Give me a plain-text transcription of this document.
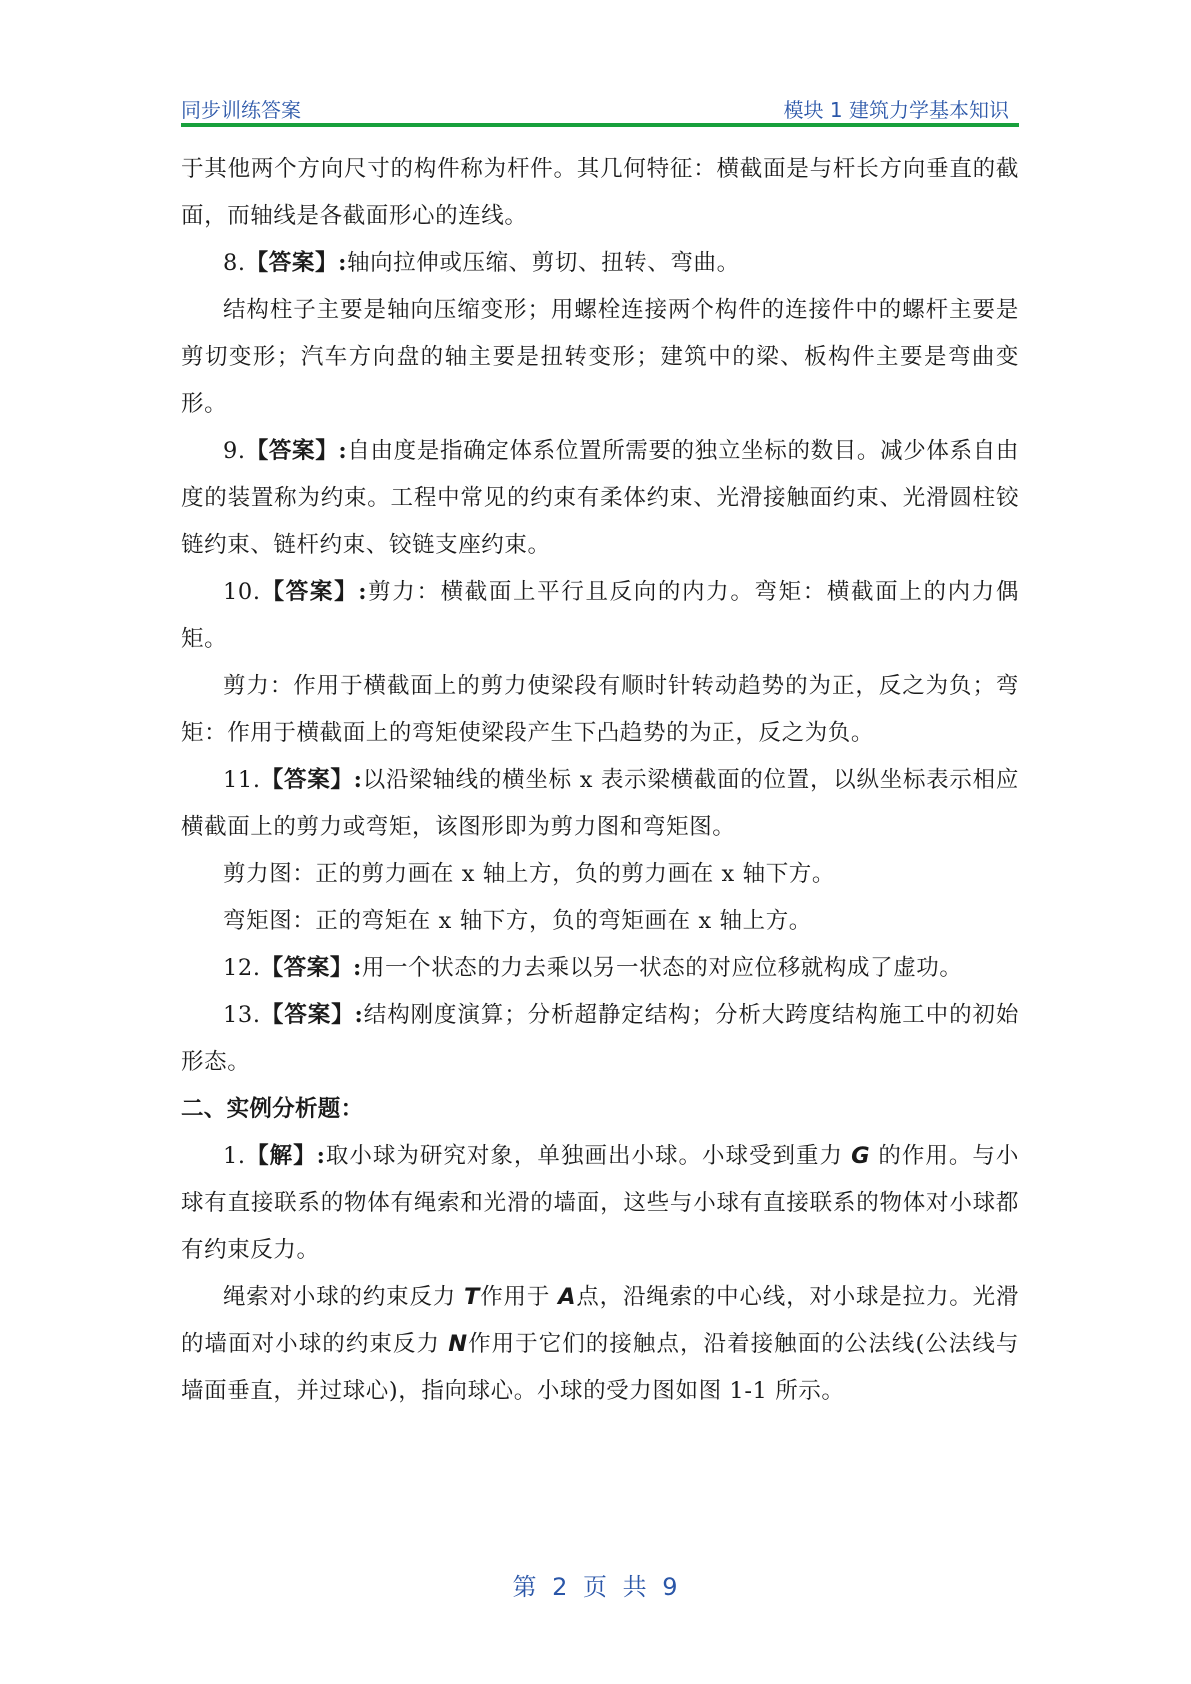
同步训练答案	模块 1 建筑力学基本知识

于其他两个方向尺寸的构件称为杆件。其几何特征：横截面是与杆长方向垂直的截面，而轴线是各截面形心的连线。

8.【答案】:轴向拉伸或压缩、剪切、扭转、弯曲。

结构柱子主要是轴向压缩变形；用螺栓连接两个构件的连接件中的螺杆主要是剪切变形；汽车方向盘的轴主要是扭转变形；建筑中的梁、板构件主要是弯曲变形。

9.【答案】:自由度是指确定体系位置所需要的独立坐标的数目。减少体系自由度的装置称为约束。工程中常见的约束有柔体约束、光滑接触面约束、光滑圆柱铰链约束、链杆约束、铰链支座约束。

10.【答案】:剪力：横截面上平行且反向的内力。弯矩：横截面上的内力偶矩。

剪力：作用于横截面上的剪力使梁段有顺时针转动趋势的为正，反之为负；弯矩：作用于横截面上的弯矩使梁段产生下凸趋势的为正，反之为负。

11.【答案】:以沿梁轴线的横坐标 x 表示梁横截面的位置，以纵坐标表示相应横截面上的剪力或弯矩，该图形即为剪力图和弯矩图。

剪力图：正的剪力画在 x 轴上方，负的剪力画在 x 轴下方。

弯矩图：正的弯矩在 x 轴下方，负的弯矩画在 x 轴上方。

12.【答案】:用一个状态的力去乘以另一状态的对应位移就构成了虚功。

13.【答案】:结构刚度演算；分析超静定结构；分析大跨度结构施工中的初始形态。

二、实例分析题：

1.【解】:取小球为研究对象，单独画出小球。小球受到重力 G 的作用。与小球有直接联系的物体有绳索和光滑的墙面，这些与小球有直接联系的物体对小球都有约束反力。

绳索对小球的约束反力 T作用于 A点，沿绳索的中心线，对小球是拉力。光滑的墙面对小球的约束反力 N作用于它们的接触点，沿着接触面的公法线(公法线与墙面垂直，并过球心)，指向球心。小球的受力图如图 1-1 所示。

第 2 页 共 9
